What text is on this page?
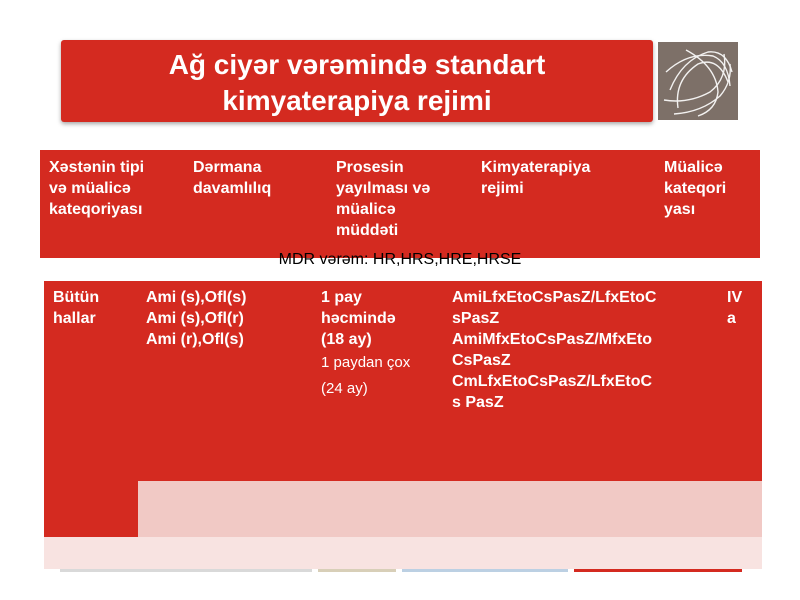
Ağ ciyər vərəmində standart
kimyaterapiya rejimi
Xəstənin tipi
və müalicə
kateqoriyası
Dərmana
davamlılıq
Prosesin
yayılması və
müalicə
müddəti
Kimyaterapiya
rejimi
Müalicə
kateqori
yası
MDR vərəm: HR,HRS,HRE,HRSE
Bütün
hallar
Ami (s),Ofl(s)
Ami (s),Ofl(r)
Ami (r),Ofl(s)
1 pay
həcmində
(18 ay)
1 paydan çox
(24 ay)
AmiLfxEtoCsPasZ/LfxEtoC
sPasZ
AmiMfxEtoCsPasZ/MfxEto
CsPasZ
CmLfxEtoCsPasZ/LfxEtoC
s PasZ
IV
a
